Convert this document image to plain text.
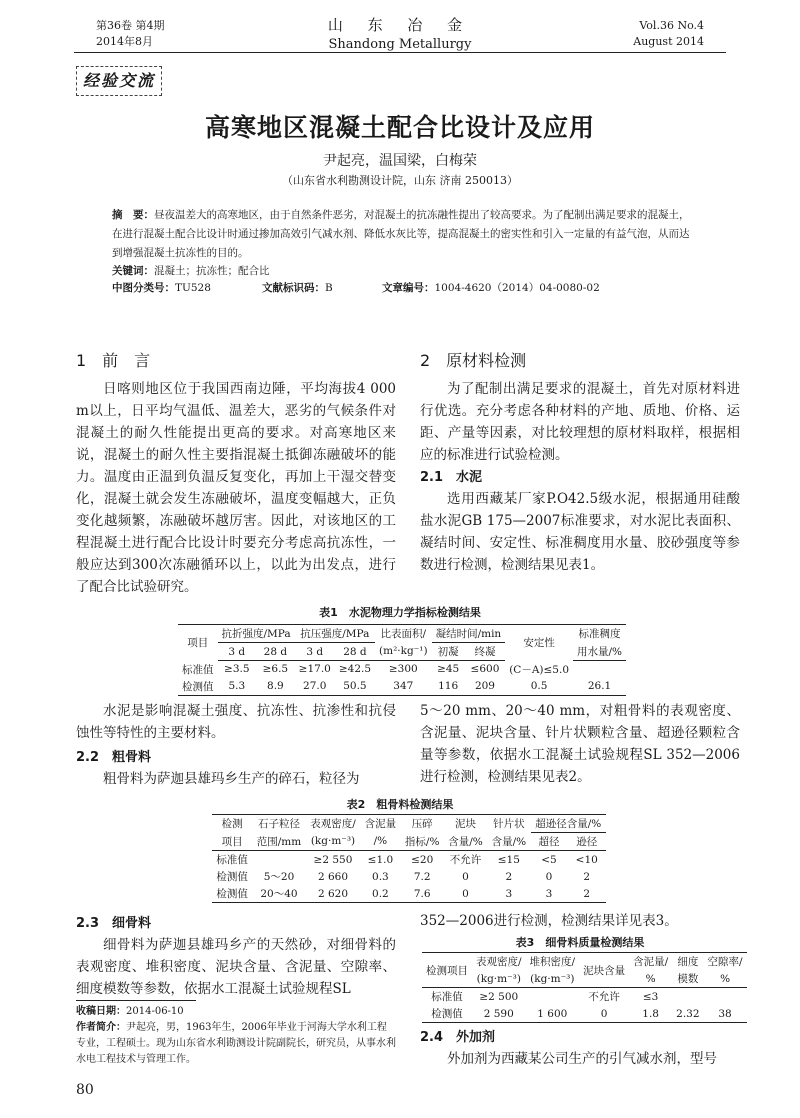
第36卷 第4期
2014年8月
山 东 冶 金
Shandong Metallurgy
Vol.36 No.4
August 2014
经验交流
高寒地区混凝土配合比设计及应用
尹起亮，温国梁，白梅荣
（山东省水利勘测设计院，山东 济南 250013）
摘　要：昼夜温差大的高寒地区，由于自然条件恶劣，对混凝土的抗冻融性提出了较高要求。为了配制出满足要求的混凝土，在进行混凝土配合比设计时通过掺加高效引气减水剂、降低水灰比等，提高混凝土的密实性和引入一定量的有益气泡，从而达到增强混凝土抗冻性的目的。
关键词：混凝土；抗冻性；配合比
中图分类号：TU528	文献标识码：B	文章编号：1004-4620（2014）04-0080-02
1　前　言
日喀则地区位于我国西南边陲，平均海拔4 000 m以上，日平均气温低、温差大，恶劣的气候条件对混凝土的耐久性能提出更高的要求。对高寒地区来说，混凝土的耐久性主要指混凝土抵御冻融破坏的能力。温度由正温到负温反复变化，再加上干湿交替变化，混凝土就会发生冻融破坏，温度变幅越大，正负变化越频繁，冻融破坏越厉害。因此，对该地区的工程混凝土进行配合比设计时要充分考虑高抗冻性，一般应达到300次冻融循环以上，以此为出发点，进行了配合比试验研究。
2　原材料检测
为了配制出满足要求的混凝土，首先对原材料进行优选。充分考虑各种材料的产地、质地、价格、运距、产量等因素，对比较理想的原材料取样，根据相应的标准进行试验检测。
2.1　水泥
选用西藏某厂家P.O42.5级水泥，根据通用硅酸盐水泥GB 175—2007标准要求，对水泥比表面积、凝结时间、安定性、标准稠度用水量、胶砂强度等参数进行检测，检测结果见表1。
表1　水泥物理力学指标检测结果
项目	抗折强度/MPa		抗压强度/MPa		比表面积/	凝结时间/min		安定性	标准稠度
	3 d	28 d	3 d	28 d	(m²·kg⁻¹)	初凝	终凝		用水量/%
标准值	≥3.5	≥6.5	≥17.0	≥42.5	≥300	≥45	≤600	(C－A)≤5.0	
检测值	5.3	8.9	27.0	50.5	347	116	209	0.5	26.1
水泥是影响混凝土强度、抗冻性、抗渗性和抗侵蚀性等特性的主要材料。
2.2　粗骨料
粗骨料为萨迦县雄玛乡生产的碎石，粒径为
5～20 mm、20～40 mm，对粗骨料的表观密度、含泥量、泥块含量、针片状颗粒含量、超逊径颗粒含量等参数，依据水工混凝土试验规程SL 352—2006进行检测，检测结果见表2。
表2　粗骨料检测结果
检测	石子粒径	表观密度/	含泥量	压碎	泥块	针片状	超逊径含量/%	
项目	范围/mm	(kg·m⁻³)	/%	指标/%	含量/%	含量/%	超径	逊径
标准值		≥2 550	≤1.0	≤20	不允许	≤15	<5	<10
检测值	5～20	2 660	0.3	7.2	0	2	0	2
检测值	20～40	2 620	0.2	7.6	0	3	3	2
2.3　细骨料
细骨料为萨迦县雄玛乡产的天然砂，对细骨料的表观密度、堆积密度、泥块含量、含泥量、空隙率、细度模数等参数，依据水工混凝土试验规程SL
352—2006进行检测，检测结果详见表3。
表3　细骨料质量检测结果
检测项目	表观密度/	堆积密度/	泥块含量	含泥量/	细度	空隙率/
	(kg·m⁻³)	(kg·m⁻³)		%	模数	%
标准值	≥2 500		不允许	≤3		
检测值	2 590	1 600	0	1.8	2.32	38
2.4　外加剂
外加剂为西藏某公司生产的引气减水剂，型号
收稿日期：2014-06-10
作者简介：尹起亮，男，1963年生，2006年毕业于河海大学水利工程专业，工程硕士。现为山东省水利勘测设计院副院长，研究员，从事水利水电工程技术与管理工作。
80
